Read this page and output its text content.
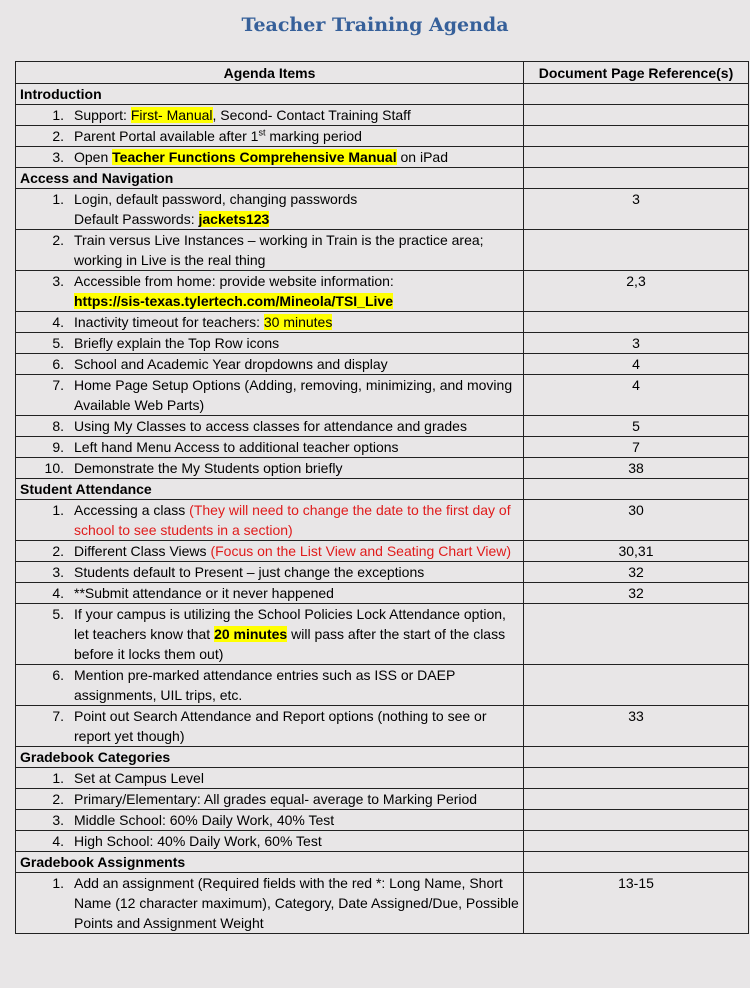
Teacher Training Agenda
Agenda Items	Document Page Reference(s)
Introduction	

1. Support: First- Manual, Second- Contact Training Staff	

2. Parent Portal available after 1st marking period	

3. Open Teacher Functions Comprehensive Manual on iPad	

Access and Navigation	

1. Login, default password, changing passwords
Default Passwords: jackets123	3

2. Train versus Live Instances – working in Train is the practice area; working in Live is the real thing	

3. Accessible from home: provide website information:
https://sis-texas.tylertech.com/Mineola/TSI_Live	2,3

4. Inactivity timeout for teachers: 30 minutes	

5. Briefly explain the Top Row icons	3

6. School and Academic Year dropdowns and display	4

7. Home Page Setup Options (Adding, removing, minimizing, and moving Available Web Parts)	4

8. Using My Classes to access classes for attendance and grades	5

9. Left hand Menu Access to additional teacher options	7

10. Demonstrate the My Students option briefly	38
Student Attendance	

1. Accessing a class (They will need to change the date to the first day of school to see students in a section)	30

2. Different Class Views (Focus on the List View and Seating Chart View)	30,31

3. Students default to Present – just change the exceptions	32

4. **Submit attendance or it never happened	32

5. If your campus is utilizing the School Policies Lock Attendance option, let teachers know that 20 minutes will pass after the start of the class before it locks them out)	

6. Mention pre-marked attendance entries such as ISS or DAEP assignments, UIL trips, etc.	

7. Point out Search Attendance and Report options (nothing to see or report yet though)	33
Gradebook Categories	

1. Set at Campus Level	

2. Primary/Elementary: All grades equal- average to Marking Period	

3. Middle School: 60% Daily Work, 40% Test	

4. High School: 40% Daily Work, 60% Test	

Gradebook Assignments	

1. Add an assignment (Required fields with the red *: Long Name, Short Name (12 character maximum), Category, Date Assigned/Due, Possible Points and Assignment Weight	13-15
